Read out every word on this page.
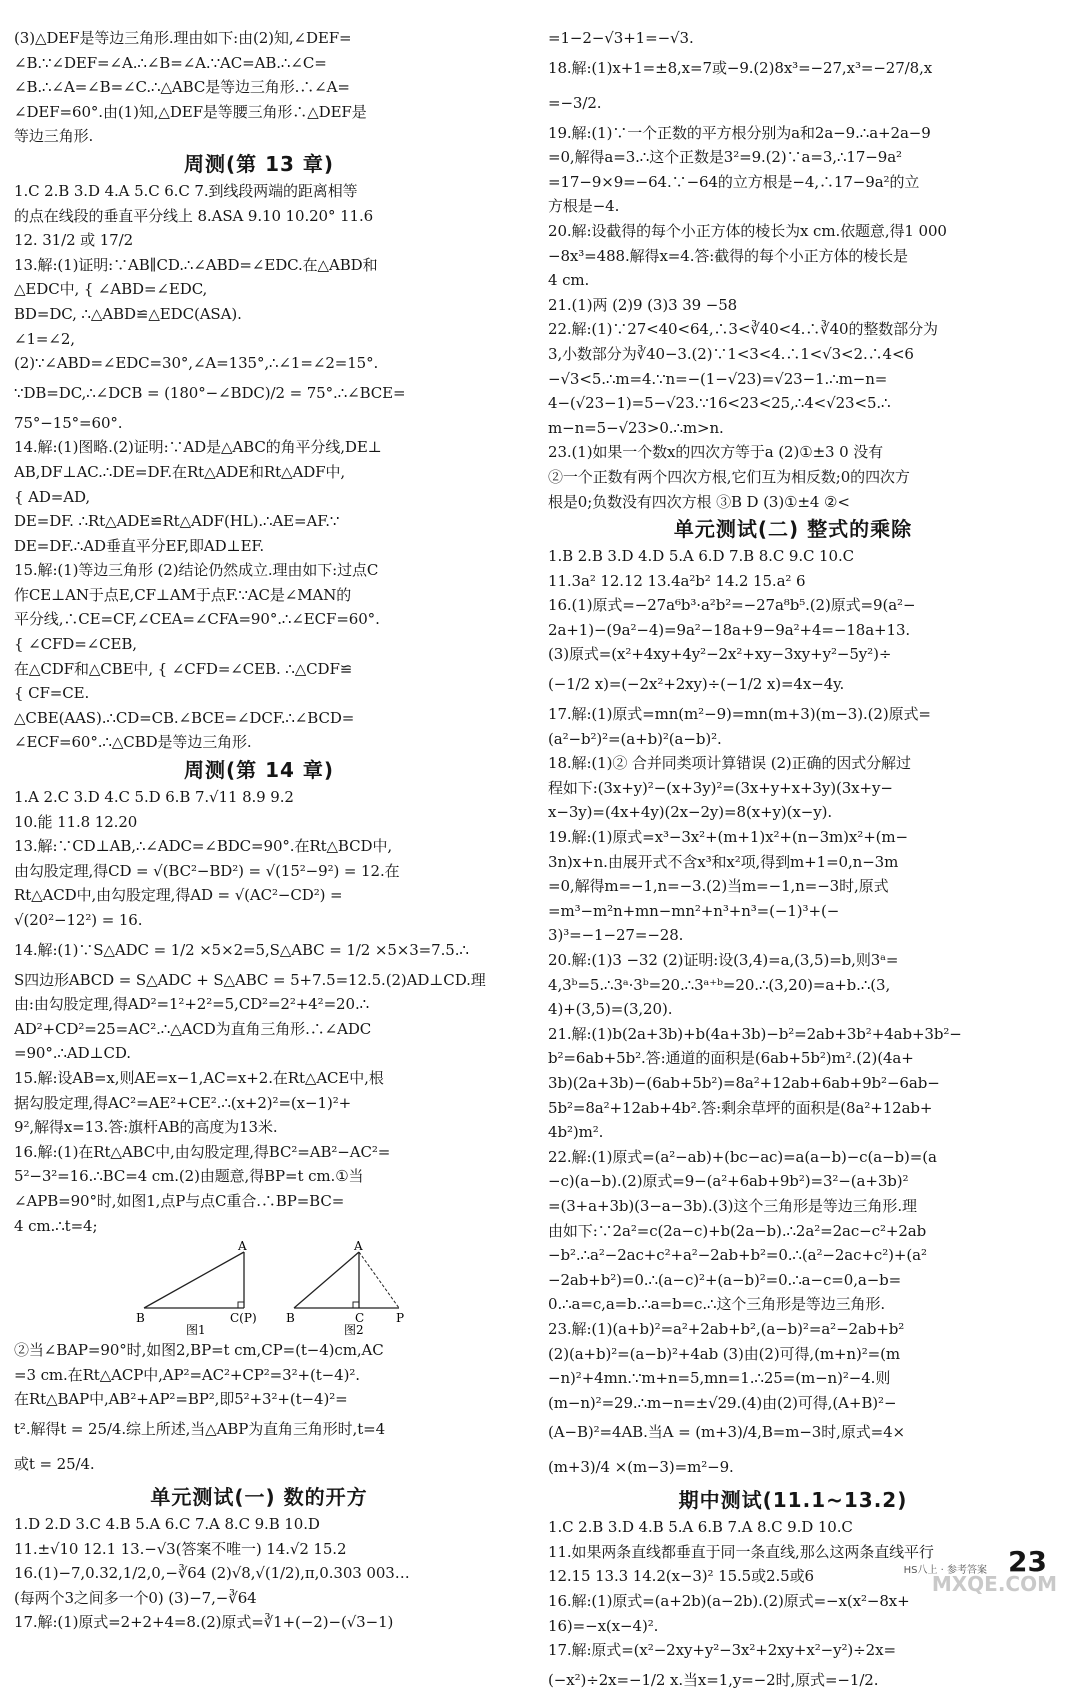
(3)△DEF是等边三角形.理由如下:由(2)知,∠DEF=
∠B.∵∠DEF=∠A.∴∠B=∠A.∵AC=AB.∴∠C=
∠B.∴∠A=∠B=∠C.∴△ABC是等边三角形.∴∠A=
∠DEF=60°.由(1)知,△DEF是等腰三角形∴△DEF是
等边三角形.
周测(第 13 章)
1.C 2.B 3.D 4.A 5.C 6.C 7.到线段两端的距离相等
的点在线段的垂直平分线上 8.ASA 9.10 10.20° 11.6
12. 31/2 或 17/2
13.解:(1)证明:∵AB∥CD.∴∠ABD=∠EDC.在△ABD和
△EDC中, { ∠ABD=∠EDC,
BD=DC, ∴△ABD≌△EDC(ASA).
∠1=∠2,
(2)∵∠ABD=∠EDC=30°,∠A=135°,∴∠1=∠2=15°.
∵DB=DC,∴∠DCB = (180°−∠BDC)/2 = 75°.∴∠BCE=
75°−15°=60°.
14.解:(1)图略.(2)证明:∵AD是△ABC的角平分线,DE⊥
AB,DF⊥AC.∴DE=DF.在Rt△ADE和Rt△ADF中,
{ AD=AD,
DE=DF. ∴Rt△ADE≌Rt△ADF(HL).∴AE=AF.∵
DE=DF.∴AD垂直平分EF,即AD⊥EF.
15.解:(1)等边三角形 (2)结论仍然成立.理由如下:过点C
作CE⊥AN于点E,CF⊥AM于点F.∵AC是∠MAN的
平分线,∴CE=CF,∠CEA=∠CFA=90°.∴∠ECF=60°.
{ ∠CFD=∠CEB,
在△CDF和△CBE中, { ∠CFD=∠CEB. ∴△CDF≌
{ CF=CE.
△CBE(AAS).∴CD=CB.∠BCE=∠DCF.∴∠BCD=
∠ECF=60°.∴△CBD是等边三角形.
周测(第 14 章)
1.A 2.C 3.D 4.C 5.D 6.B 7.√11 8.9 9.2
10.能 11.8 12.20
13.解:∵CD⊥AB,∴∠ADC=∠BDC=90°.在Rt△BCD中,
由勾股定理,得CD = √(BC²−BD²) = √(15²−9²) = 12.在
Rt△ACD中,由勾股定理,得AD = √(AC²−CD²) =
√(20²−12²) = 16.
14.解:(1)∵S△ADC = 1/2 ×5×2=5,S△ABC = 1/2 ×5×3=7.5.∴
S四边形ABCD = S△ADC + S△ABC = 5+7.5=12.5.(2)AD⊥CD.理
由:由勾股定理,得AD²=1²+2²=5,CD²=2²+4²=20.∴
AD²+CD²=25=AC².∴△ACD为直角三角形.∴∠ADC
=90°.∴AD⊥CD.
15.解:设AB=x,则AE=x−1,AC=x+2.在Rt△ACE中,根
据勾股定理,得AC²=AE²+CE².∴(x+2)²=(x−1)²+
9²,解得x=13.答:旗杆AB的高度为13米.
16.解:(1)在Rt△ABC中,由勾股定理,得BC²=AB²−AC²=
5²−3²=16.∴BC=4 cm.(2)由题意,得BP=t cm.①当
∠APB=90°时,如图1,点P与点C重合.∴BP=BC=
4 cm.∴t=4;
A
B	C(P)
图1
A
B	C	P
图2
②当∠BAP=90°时,如图2,BP=t cm,CP=(t−4)cm,AC
=3 cm.在Rt△ACP中,AP²=AC²+CP²=3²+(t−4)².
在Rt△BAP中,AB²+AP²=BP²,即5²+3²+(t−4)²=
t².解得t = 25/4.综上所述,当△ABP为直角三角形时,t=4
或t = 25/4.
单元测试(一) 数的开方
1.D 2.D 3.C 4.B 5.A 6.C 7.A 8.C 9.B 10.D
11.±√10 12.1 13.−√3(答案不唯一) 14.√2 15.2
16.(1)−7,0.32,1/2,0,−∛64 (2)√8,√(1/2),π,0.303 003…
(每两个3之间多一个0) (3)−7,−∛64
17.解:(1)原式=2+2+4=8.(2)原式=∛1+(−2)−(√3−1)
=1−2−√3+1=−√3.
18.解:(1)x+1=±8,x=7或−9.(2)8x³=−27,x³=−27/8,x
=−3/2.
19.解:(1)∵一个正数的平方根分别为a和2a−9.∴a+2a−9
=0,解得a=3.∴这个正数是3²=9.(2)∵a=3,∴17−9a²
=17−9×9=−64.∵−64的立方根是−4,∴17−9a²的立
方根是−4.
20.解:设截得的每个小正方体的棱长为x cm.依题意,得1 000
−8x³=488.解得x=4.答:截得的每个小正方体的棱长是
4 cm.
21.(1)两 (2)9 (3)3 39 −58
22.解:(1)∵27<40<64,∴3<∛40<4.∴∛40的整数部分为
3,小数部分为∛40−3.(2)∵1<3<4.∴1<√3<2.∴4<6
−√3<5.∴m=4.∵n=−(1−√23)=√23−1.∴m−n=
4−(√23−1)=5−√23.∵16<23<25,∴4<√23<5.∴
m−n=5−√23>0.∴m>n.
23.(1)如果一个数x的四次方等于a (2)①±3 0 没有
②一个正数有两个四次方根,它们互为相反数;0的四次方
根是0;负数没有四次方根 ③B D (3)①±4 ②<
单元测试(二) 整式的乘除
1.B 2.B 3.D 4.D 5.A 6.D 7.B 8.C 9.C 10.C
11.3a² 12.12 13.4a²b² 14.2 15.a² 6
16.(1)原式=−27a⁶b³·a²b²=−27a⁸b⁵.(2)原式=9(a²−
2a+1)−(9a²−4)=9a²−18a+9−9a²+4=−18a+13.
(3)原式=(x²+4xy+4y²−2x²+xy−3xy+y²−5y²)÷
(−1/2 x)=(−2x²+2xy)÷(−1/2 x)=4x−4y.
17.解:(1)原式=mn(m²−9)=mn(m+3)(m−3).(2)原式=
(a²−b²)²=(a+b)²(a−b)².
18.解:(1)② 合并同类项计算错误 (2)正确的因式分解过
程如下:(3x+y)²−(x+3y)²=(3x+y+x+3y)(3x+y−
x−3y)=(4x+4y)(2x−2y)=8(x+y)(x−y).
19.解:(1)原式=x³−3x²+(m+1)x²+(n−3m)x²+(m−
3n)x+n.由展开式不含x³和x²项,得到m+1=0,n−3m
=0,解得m=−1,n=−3.(2)当m=−1,n=−3时,原式
=m³−m²n+mn−mn²+n³+n³=(−1)³+(−
3)³=−1−27=−28.
20.解:(1)3 −32 (2)证明:设(3,4)=a,(3,5)=b,则3ᵃ=
4,3ᵇ=5.∴3ᵃ·3ᵇ=20.∴3ᵃ⁺ᵇ=20.∴(3,20)=a+b.∴(3,
4)+(3,5)=(3,20).
21.解:(1)b(2a+3b)+b(4a+3b)−b²=2ab+3b²+4ab+3b²−
b²=6ab+5b².答:通道的面积是(6ab+5b²)m².(2)(4a+
3b)(2a+3b)−(6ab+5b²)=8a²+12ab+6ab+9b²−6ab−
5b²=8a²+12ab+4b².答:剩余草坪的面积是(8a²+12ab+
4b²)m².
22.解:(1)原式=(a²−ab)+(bc−ac)=a(a−b)−c(a−b)=(a
−c)(a−b).(2)原式=9−(a²+6ab+9b²)=3²−(a+3b)²
=(3+a+3b)(3−a−3b).(3)这个三角形是等边三角形.理
由如下:∵2a²=c(2a−c)+b(2a−b).∴2a²=2ac−c²+2ab
−b².∴a²−2ac+c²+a²−2ab+b²=0.∴(a²−2ac+c²)+(a²
−2ab+b²)=0.∴(a−c)²+(a−b)²=0.∴a−c=0,a−b=
0.∴a=c,a=b.∴a=b=c.∴这个三角形是等边三角形.
23.解:(1)(a+b)²=a²+2ab+b²,(a−b)²=a²−2ab+b²
(2)(a+b)²=(a−b)²+4ab (3)由(2)可得,(m+n)²=(m
−n)²+4mn.∵m+n=5,mn=1.∴25=(m−n)²−4.则
(m−n)²=29.∴m−n=±√29.(4)由(2)可得,(A+B)²−
(A−B)²=4AB.当A = (m+3)/4,B=m−3时,原式=4×
(m+3)/4 ×(m−3)=m²−9.
期中测试(11.1~13.2)
1.C 2.B 3.D 4.B 5.A 6.B 7.A 8.C 9.D 10.C
11.如果两条直线都垂直于同一条直线,那么这两条直线平行
12.15 13.3 14.2(x−3)² 15.5或2.5或6
16.解:(1)原式=(a+2b)(a−2b).(2)原式=−x(x²−8x+
16)=−x(x−4)².
17.解:原式=(x²−2xy+y²−3x²+2xy+x²−y²)÷2x=
(−x²)÷2x=−1/2 x.当x=1,y=−2时,原式=−1/2.
HS八上 · 参考答案 23
MXQE.COM
